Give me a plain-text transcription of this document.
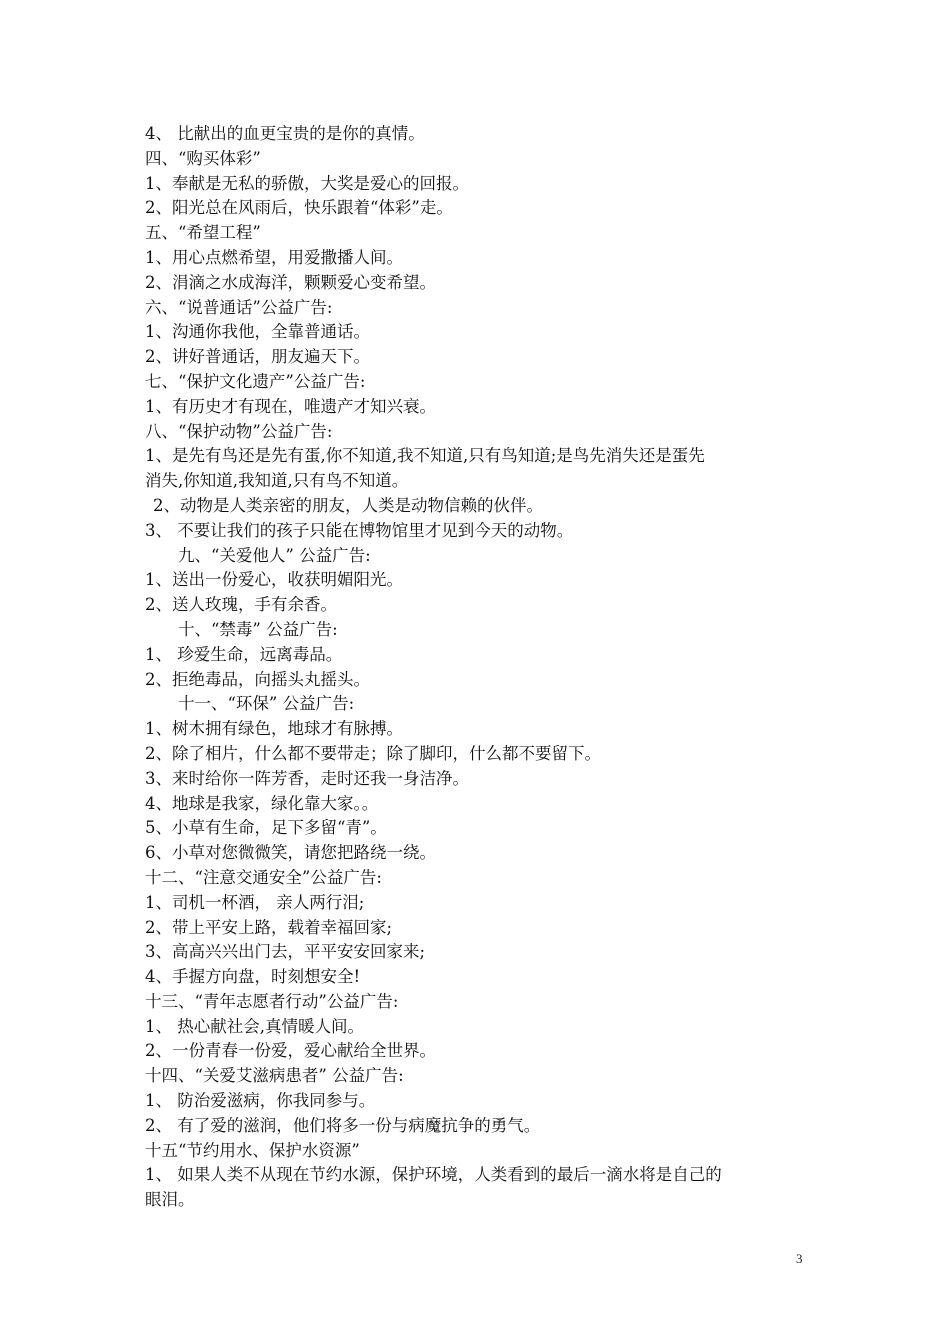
4、 比献出的血更宝贵的是你的真情。
四、“购买体彩”
1、奉献是无私的骄傲，大奖是爱心的回报。
2、阳光总在风雨后，快乐跟着“体彩”走。
五、“希望工程”
1、用心点燃希望，用爱撒播人间。
2、涓滴之水成海洋，颗颗爱心变希望。
六、“说普通话”公益广告:
1、沟通你我他，全靠普通话。
2、讲好普通话，朋友遍天下。
七、“保护文化遗产”公益广告:
1、有历史才有现在，唯遗产才知兴衰。
八、“保护动物”公益广告:
1、是先有鸟还是先有蛋,你不知道,我不知道,只有鸟知道;是鸟先消失还是蛋先
消失,你知道,我知道,只有鸟不知道。
2、动物是人类亲密的朋友，人类是动物信赖的伙伴。
3、 不要让我们的孩子只能在博物馆里才见到今天的动物。
九、“关爱他人” 公益广告:
1、送出一份爱心，收获明媚阳光。
2、送人玫瑰，手有余香。
十、“禁毒” 公益广告:
1、 珍爱生命，远离毒品。
2、拒绝毒品，向摇头丸摇头。
十一、“环保” 公益广告:
1、树木拥有绿色，地球才有脉搏。
2、除了相片，什么都不要带走；除了脚印，什么都不要留下。
3、来时给你一阵芳香，走时还我一身洁净。
4、地球是我家，绿化靠大家。。
5、小草有生命，足下多留“青”。
6、小草对您微微笑，请您把路绕一绕。
十二、“注意交通安全”公益广告:
1、司机一杯酒， 亲人两行泪;
2、带上平安上路，载着幸福回家;
3、高高兴兴出门去，平平安安回家来;
4、手握方向盘，时刻想安全!
十三、“青年志愿者行动”公益广告:
1、 热心献社会,真情暖人间。
2、一份青春一份爱，爱心献给全世界。
十四、“关爱艾滋病患者” 公益广告:
1、 防治爱滋病，你我同参与。
2、 有了爱的滋润，他们将多一份与病魔抗争的勇气。
十五“节约用水、保护水资源”
1、 如果人类不从现在节约水源，保护环境，人类看到的最后一滴水将是自己的
眼泪。
3
